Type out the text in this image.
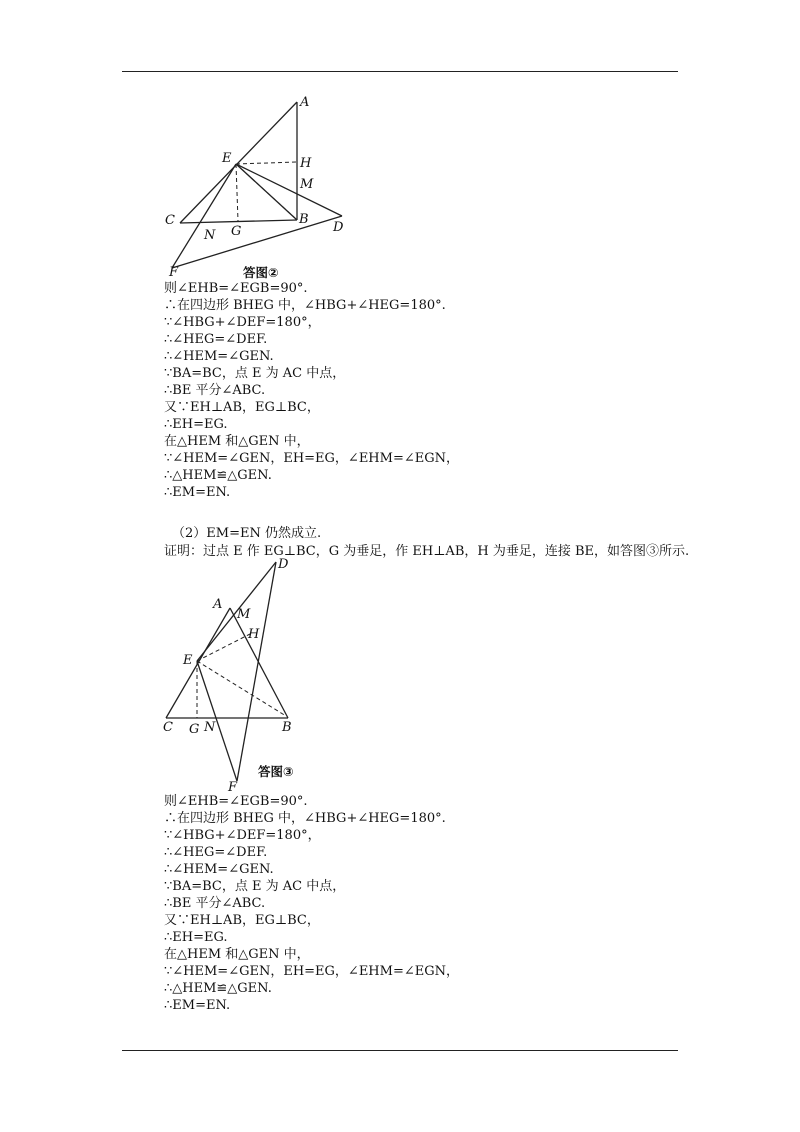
A
E	H
M
C	B
D
N G
F	答图②
则∠EHB=∠EGB=90°.
∴在四边形 BHEG 中，∠HBG+∠HEG=180°.
∵∠HBG+∠DEF=180°，
∴∠HEG=∠DEF.
∴∠HEM=∠GEN.
∵BA=BC，点 E 为 AC 中点，
∴BE 平分∠ABC.
又∵EH⊥AB，EG⊥BC，
∴EH=EG.
在△HEM 和△GEN 中，
∵∠HEM=∠GEN，EH=EG，∠EHM=∠EGN，
∴△HEM≌△GEN.
∴EM=EN.
（2）EM=EN 仍然成立.
证明：过点 E 作 EG⊥BC，G 为垂足，作 EH⊥AB，H 为垂足，连接 BE，如答图③所示.
D
A
M
H
E
C G N	B
F
答图③
则∠EHB=∠EGB=90°.
∴在四边形 BHEG 中，∠HBG+∠HEG=180°.
∵∠HBG+∠DEF=180°，
∴∠HEG=∠DEF.
∴∠HEM=∠GEN.
∵BA=BC，点 E 为 AC 中点，
∴BE 平分∠ABC.
又∵EH⊥AB，EG⊥BC，
∴EH=EG.
在△HEM 和△GEN 中，
∵∠HEM=∠GEN，EH=EG，∠EHM=∠EGN，
∴△HEM≌△GEN.
∴EM=EN.
